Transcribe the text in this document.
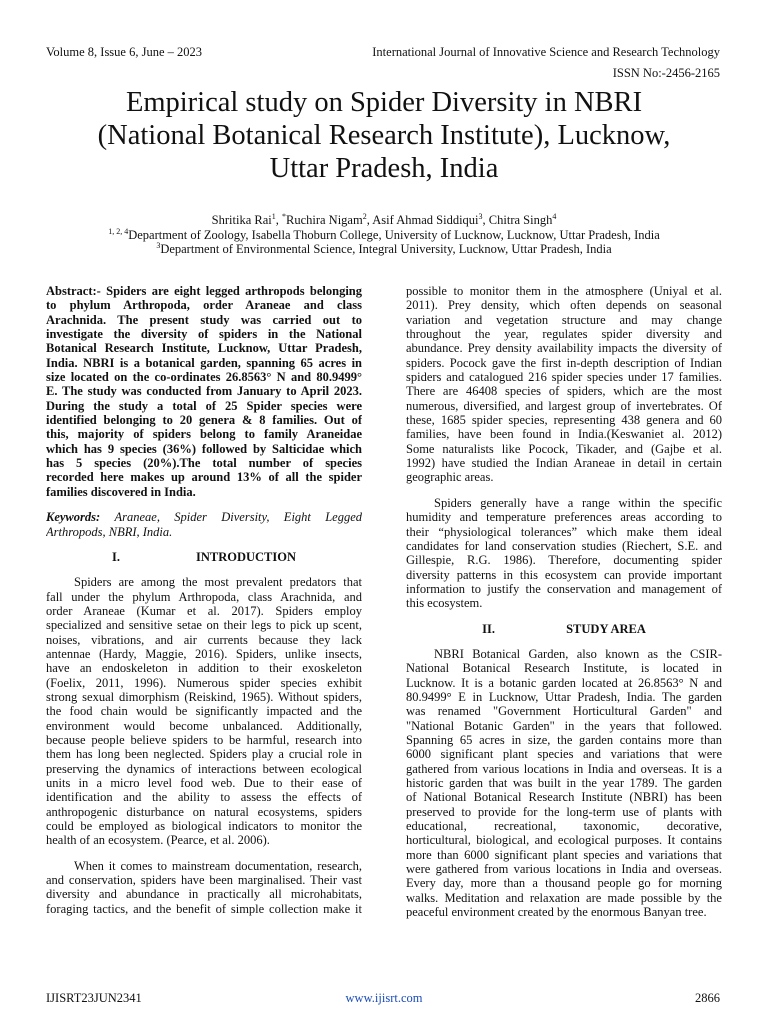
Volume 8, Issue 6, June – 2023	International Journal of Innovative Science and Research Technology
ISSN No:-2456-2165
Empirical study on Spider Diversity in NBRI
(National Botanical Research Institute), Lucknow,
Uttar Pradesh, India
Shritika Rai$^1$, *Ruchira Nigam$^2$, Asif Ahmad Siddiqui$^3$, Chitra Singh$^4$
$^{1, 2, 4}$Department of Zoology, Isabella Thoburn College, University of Lucknow, Lucknow, Uttar Pradesh, India
$^3$Department of Environmental Science, Integral University, Lucknow, Uttar Pradesh, India
Abstract:- Spiders are eight legged arthropods belonging
to phylum Arthropoda, order Araneae and class
Arachnida. The present study was carried out to
investigate the diversity of spiders in the National
Botanical Research Institute, Lucknow, Uttar Pradesh,
India. NBRI is a botanical garden, spanning 65 acres in
size located on the co-ordinates 26.8563° N and 80.9499°
E. The study was conducted from January to April 2023.
During the study a total of 25 Spider species were
identified belonging to 20 genera & 8 families. Out of
this, majority of spiders belong to family Araneidae
which has 9 species (36%) followed by Salticidae which
has 5 species (20%).The total number of species
recorded here makes up around 13% of all the spider
families discovered in India.
Keywords: Araneae, Spider Diversity, Eight Legged
Arthropods, NBRI, India.
I.	INTRODUCTION
Spiders are among the most prevalent predators that
fall under the phylum Arthropoda, class Arachnida, and
order Araneae (Kumar et al. 2017). Spiders employ
specialized and sensitive setae on their legs to pick up scent,
noises, vibrations, and air currents because they lack
antennae (Hardy, Maggie, 2016). Spiders, unlike insects,
have an endoskeleton in addition to their exoskeleton
(Foelix, 2011, 1996). Numerous spider species exhibit
strong sexual dimorphism (Reiskind, 1965). Without spiders,
the food chain would be significantly impacted and the
environment would become unbalanced. Additionally,
because people believe spiders to be harmful, research into
them has long been neglected. Spiders play a crucial role in
preserving the dynamics of interactions between ecological
units in a micro level food web. Due to their ease of
identification and the ability to assess the effects of
anthropogenic disturbance on natural ecosystems, spiders
could be employed as biological indicators to monitor the
health of an ecosystem. (Pearce, et al. 2006).
When it comes to mainstream documentation, research,
and conservation, spiders have been marginalised. Their vast
diversity and abundance in practically all microhabitats,
foraging tactics, and the benefit of simple collection make it
possible to monitor them in the atmosphere (Uniyal et al.
2011). Prey density, which often depends on seasonal
variation and vegetation structure and may change
throughout the year, regulates spider diversity and
abundance. Prey density availability impacts the diversity of
spiders. Pocock gave the first in-depth description of Indian
spiders and catalogued 216 spider species under 17 families.
There are 46408 species of spiders, which are the most
numerous, diversified, and largest group of invertebrates. Of
these, 1685 spider species, representing 438 genera and 60
families, have been found in India.(Keswaniet al. 2012)
Some naturalists like Pocock, Tikader, and (Gajbe et al.
1992) have studied the Indian Araneae in detail in certain
geographic areas.
Spiders generally have a range within the specific
humidity and temperature preferences areas according to
their “physiological tolerances” which make them ideal
candidates for land conservation studies (Riechert, S.E. and
Gillespie, R.G. 1986). Therefore, documenting spider
diversity patterns in this ecosystem can provide important
information to justify the conservation and management of
this ecosystem.
II.	STUDY AREA
NBRI Botanical Garden, also known as the CSIR-
National Botanical Research Institute, is located in
Lucknow. It is a botanic garden located at 26.8563° N and
80.9499° E in Lucknow, Uttar Pradesh, India. The garden
was renamed "Government Horticultural Garden" and
"National Botanic Garden" in the years that followed.
Spanning 65 acres in size, the garden contains more than
6000 significant plant species and variations that were
gathered from various locations in India and overseas. It is a
historic garden that was built in the year 1789. The garden
of National Botanical Research Institute (NBRI) has been
preserved to provide for the long-term use of plants with
educational, recreational, taxonomic, decorative,
horticultural, biological, and ecological purposes. It contains
more than 6000 significant plant species and variations that
were gathered from various locations in India and overseas.
Every day, more than a thousand people go for morning
walks. Meditation and relaxation are made possible by the
peaceful environment created by the enormous Banyan tree.
IJISRT23JUN2341	www.ijisrt.com	2866
